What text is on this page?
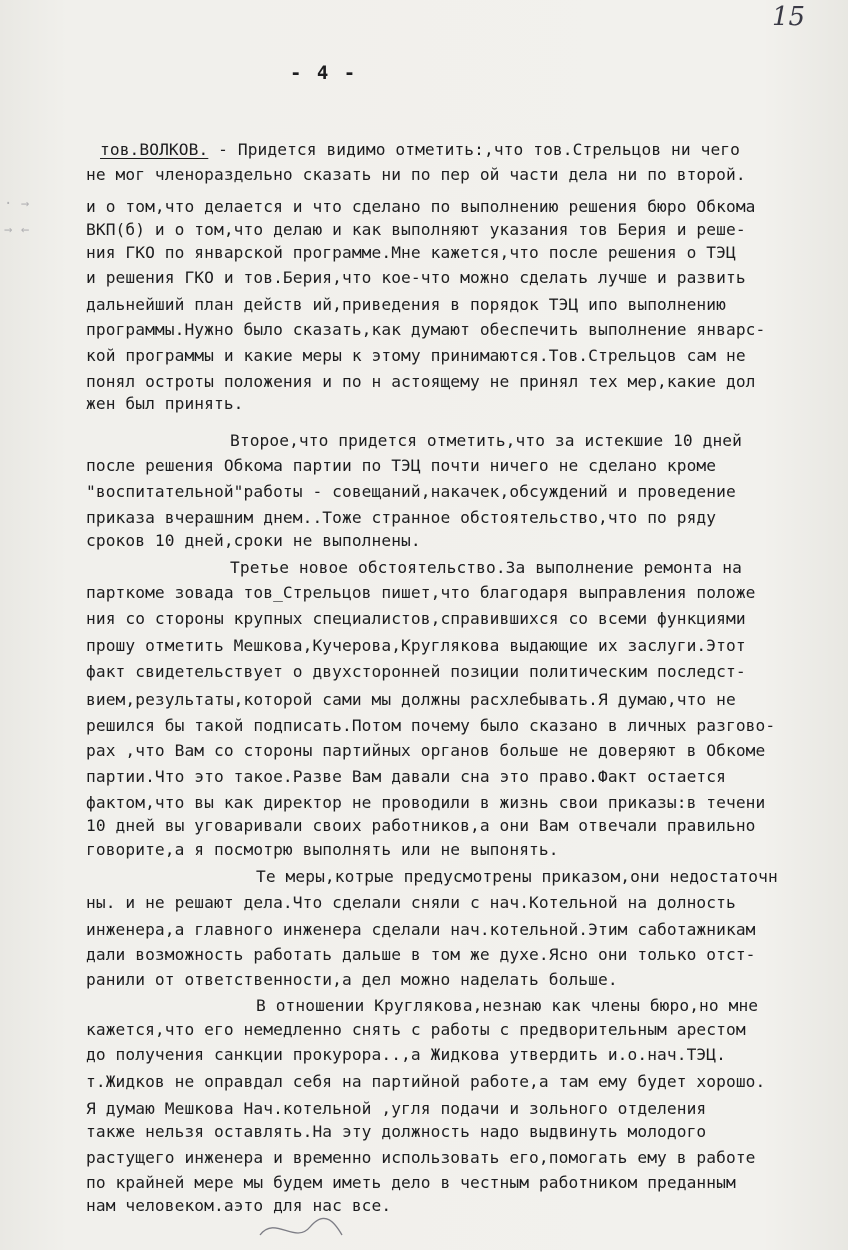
15
- 4 -
· →
→ ←
тов.ВОЛКОВ. - Придется видимо отметить:,что тов.Стрельцов ни чего
не мог членораздельно сказать ни по пер ой части дела ни по второй.
и о том,что делается и что сделано по выполнению решения бюро Обкома
ВКП(б) и о том,что делаю и как выполняют указания тов Берия и реше-
ния ГКО по январской программе.Мне кажется,что после решения о ТЭЦ
и решения ГКО и тов.Берия,что кое-что можно сделать лучше и развить
дальнейший план действ ий,приведения в порядок ТЭЦ ипо выполнению
программы.Нужно было сказать,как думают обеспечить выполнение январс-
кой программы и какие меры к этому принимаются.Тов.Стрельцов сам не
понял остроты положения и по н астоящему не принял тех мер,какие дол
жен был принять.
Второе,что придется отметить,что за истекшие 10 дней
после решения Обкома партии по ТЭЦ почти ничего не сделано кроме
"воспитательной"работы - совещаний,накачек,обсуждений и проведение
приказа вчерашним днем..Тоже странное обстоятельство,что по ряду
сроков 10 дней,сроки не выполнены.
Третье новое обстоятельство.За выполнение ремонта на
парткоме зовада тов_Стрельцов пишет,что благодаря выправления положе
ния со стороны крупных специалистов,справившихся со всеми функциями
прошу отметить Мешкова,Кучерова,Круглякова выдающие их заслуги.Этот
факт свидетельствует о двухсторонней позиции политическим последст-
вием,результаты,которой сами мы должны расхлебывать.Я думаю,что не
решился бы такой подписать.Потом почему было сказано в личных разгово-
рах ,что Вам со стороны партийных органов больше не доверяют в Обкоме
партии.Что это такое.Разве Вам давали сна это право.Факт остается
фактом,что вы как директор не проводили в жизнь свои приказы:в течени
10 дней вы уговаривали своих работников,а они Вам отвечали правильно
говорите,а я посмотрю выполнять или не выпонять.
Те меры,котрые предусмотрены приказом,они недостаточн
ны. и не решают дела.Что сделали сняли с нач.Котельной на долность
инженера,а главного инженера сделали нач.котельной.Этим саботажникам
дали возможность работать дальше в том же духе.Ясно они только отст-
ранили от ответственности,а дел можно наделать больше.
В отношении Круглякова,незнаю как члены бюро,но мне
кажется,что его немедленно снять с работы с предворительным арестом
до получения санкции прокурора..,а Жидкова утвердить и.о.нач.ТЭЦ.
т.Жидков не оправдал себя на партийной работе,а там ему будет хорошо.
Я думаю Мешкова Нач.котельной ,угля подачи и зольного отделения
также нельзя оставлять.На эту должность надо выдвинуть молодого
растущего инженера и временно использовать его,помогать ему в работе
по крайней мере мы будем иметь дело в честным работником преданным
нам человеком.аэто для нас все.
